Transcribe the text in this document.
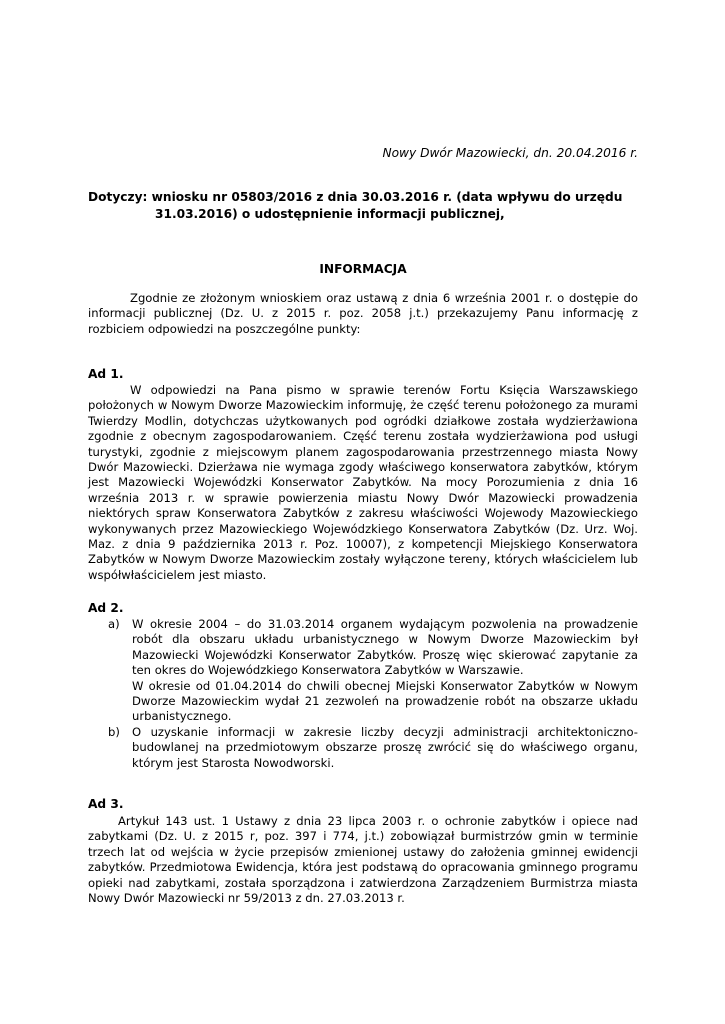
Nowy Dwór Mazowiecki, dn. 20.04.2016 r.
Dotyczy: wniosku nr 05803/2016 z dnia 30.03.2016 r. (data wpływu do urzędu
31.03.2016) o udostępnienie informacji publicznej,
INFORMACJA

Zgodnie ze złożonym wnioskiem oraz ustawą z dnia 6 września 2001 r. o dostępie do informacji publicznej (Dz. U. z 2015 r. poz. 2058 j.t.) przekazujemy Panu informację z rozbiciem odpowiedzi na poszczególne punkty:

Ad 1.

W odpowiedzi na Pana pismo w sprawie terenów Fortu Księcia Warszawskiego położonych w Nowym Dworze Mazowieckim informuję, że część terenu położonego za murami Twierdzy Modlin, dotychczas użytkowanych pod ogródki działkowe została wydzierżawiona zgodnie z obecnym zagospodarowaniem. Część terenu została wydzierżawiona pod usługi turystyki, zgodnie z miejscowym planem zagospodarowania przestrzennego miasta Nowy Dwór Mazowiecki. Dzierżawa nie wymaga zgody właściwego konserwatora zabytków, którym jest Mazowiecki Wojewódzki Konserwator Zabytków. Na mocy Porozumienia z dnia 16 września 2013 r. w sprawie powierzenia miastu Nowy Dwór Mazowiecki prowadzenia niektórych spraw Konserwatora Zabytków z zakresu właściwości Wojewody Mazowieckiego wykonywanych przez Mazowieckiego Wojewódzkiego Konserwatora Zabytków (Dz. Urz. Woj. Maz. z dnia 9 października 2013 r. Poz. 10007), z kompetencji Miejskiego Konserwatora Zabytków w Nowym Dworze Mazowieckim zostały wyłączone tereny, których właścicielem lub współwłaścicielem jest miasto.

Ad 2.
a) W okresie 2004 – do 31.03.2014 organem wydającym pozwolenia na prowadzenie robót dla obszaru układu urbanistycznego w Nowym Dworze Mazowieckim był Mazowiecki Wojewódzki Konserwator Zabytków. Proszę więc skierować zapytanie za ten okres do Wojewódzkiego Konserwatora Zabytków w Warszawie.
W okresie od 01.04.2014 do chwili obecnej Miejski Konserwator Zabytków w Nowym Dworze Mazowieckim wydał 21 zezwoleń na prowadzenie robót na obszarze układu urbanistycznego.
b) O uzyskanie informacji w zakresie liczby decyzji administracji architektoniczno-budowlanej na przedmiotowym obszarze proszę zwrócić się do właściwego organu, którym jest Starosta Nowodworski.
Ad 3.

Artykuł 143 ust. 1 Ustawy z dnia 23 lipca 2003 r. o ochronie zabytków i opiece nad zabytkami (Dz. U. z 2015 r, poz. 397 i 774, j.t.) zobowiązał burmistrzów gmin w terminie trzech lat od wejścia w życie przepisów zmienionej ustawy do założenia gminnej ewidencji zabytków. Przedmiotowa Ewidencja, która jest podstawą do opracowania gminnego programu opieki nad zabytkami, została sporządzona i zatwierdzona Zarządzeniem Burmistrza miasta Nowy Dwór Mazowiecki nr 59/2013 z dn. 27.03.2013 r.
